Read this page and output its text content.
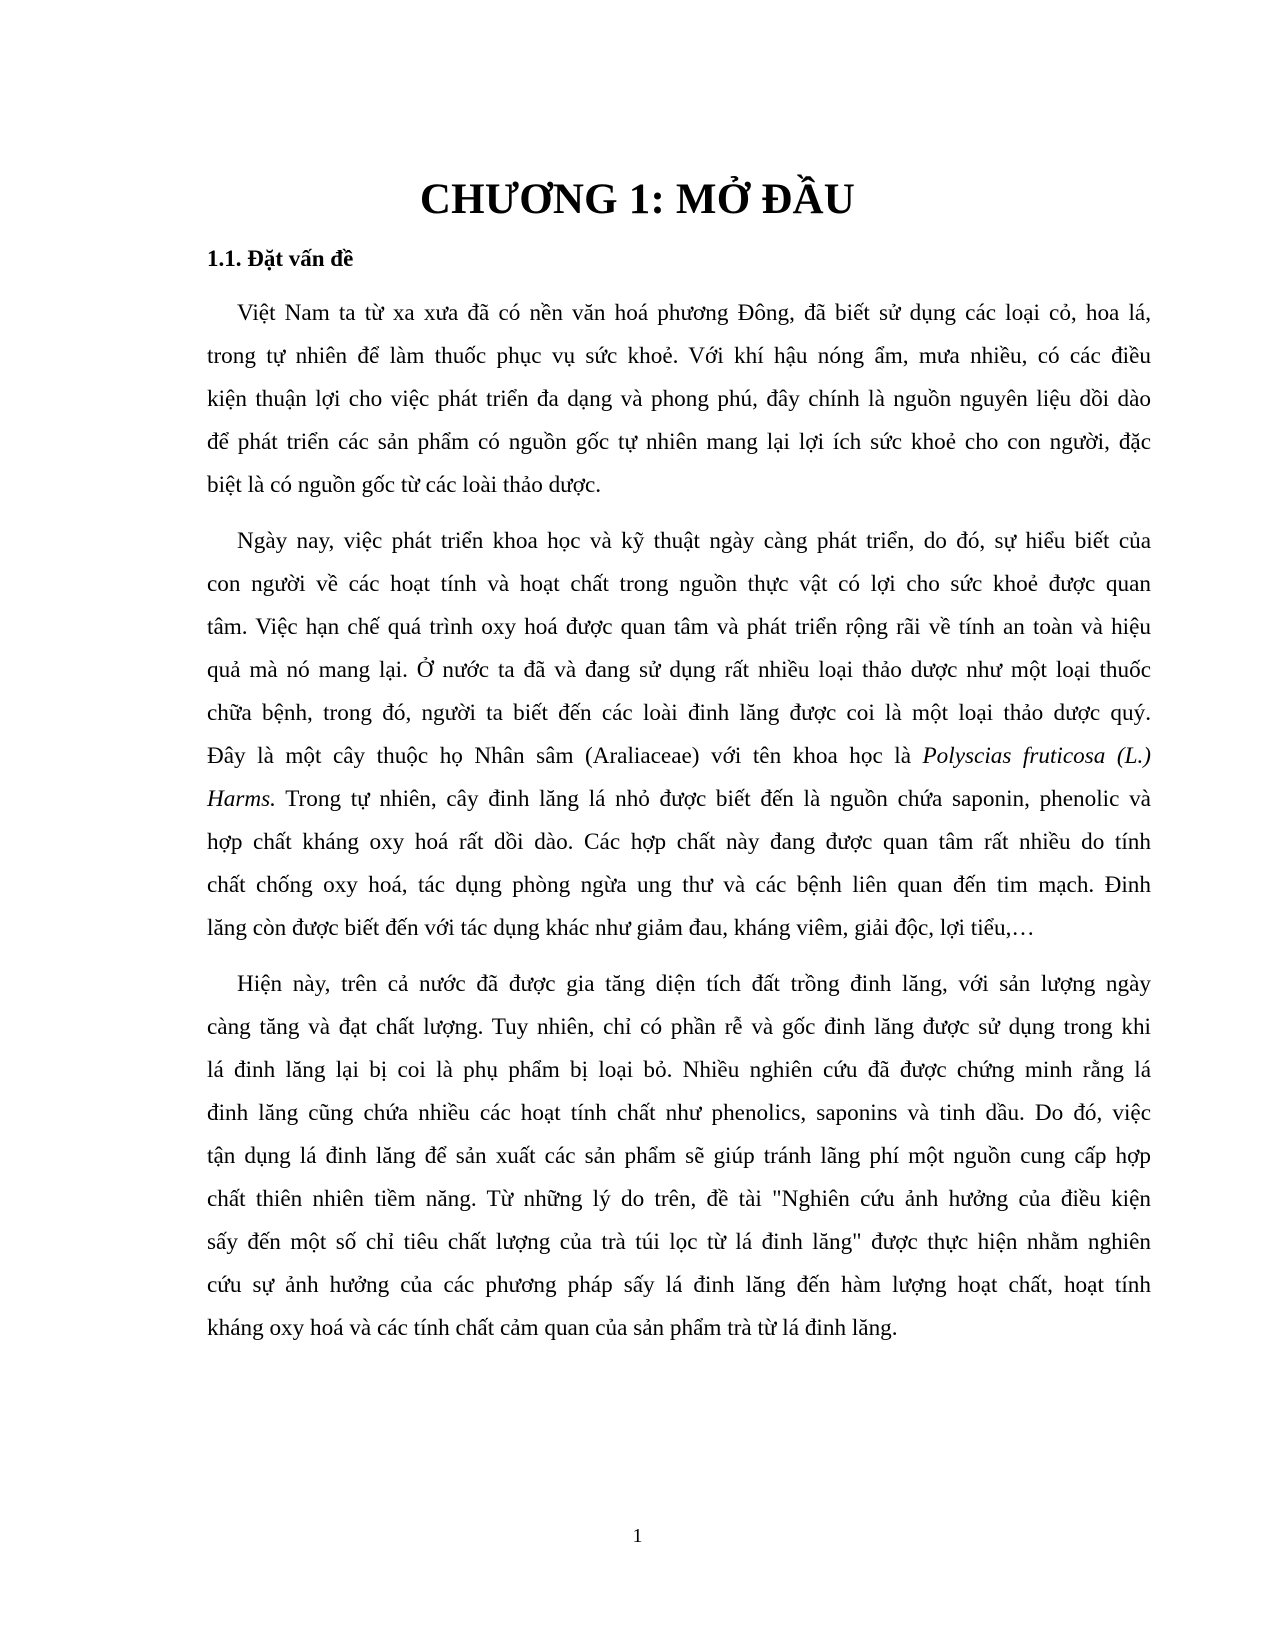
CHƯƠNG 1: MỞ ĐẦU
1.1. Đặt vấn đề
Việt Nam ta từ xa xưa đã có nền văn hoá phương Đông, đã biết sử dụng các loại cỏ, hoa lá,
trong tự nhiên để làm thuốc phục vụ sức khoẻ. Với khí hậu nóng ẩm, mưa nhiều, có các điều
kiện thuận lợi cho việc phát triển đa dạng và phong phú, đây chính là nguồn nguyên liệu dồi dào
để phát triển các sản phẩm có nguồn gốc tự nhiên mang lại lợi ích sức khoẻ cho con người, đặc
biệt là có nguồn gốc từ các loài thảo dược.
Ngày nay, việc phát triển khoa học và kỹ thuật ngày càng phát triển, do đó, sự hiểu biết của
con người về các hoạt tính và hoạt chất trong nguồn thực vật có lợi cho sức khoẻ được quan
tâm. Việc hạn chế quá trình oxy hoá được quan tâm và phát triển rộng rãi về tính an toàn và hiệu
quả mà nó mang lại. Ở nước ta đã và đang sử dụng rất nhiều loại thảo dược như một loại thuốc
chữa bệnh, trong đó, người ta biết đến các loài đinh lăng được coi là một loại thảo dược quý.
Đây là một cây thuộc họ Nhân sâm (Araliaceae) với tên khoa học là Polyscias fruticosa (L.)
Harms. Trong tự nhiên, cây đinh lăng lá nhỏ được biết đến là nguồn chứa saponin, phenolic và
hợp chất kháng oxy hoá rất dồi dào. Các hợp chất này đang được quan tâm rất nhiều do tính
chất chống oxy hoá, tác dụng phòng ngừa ung thư và các bệnh liên quan đến tim mạch. Đinh
lăng còn được biết đến với tác dụng khác như giảm đau, kháng viêm, giải độc, lợi tiểu,…
Hiện này, trên cả nước đã được gia tăng diện tích đất trồng đinh lăng, với sản lượng ngày
càng tăng và đạt chất lượng. Tuy nhiên, chỉ có phần rễ và gốc đinh lăng được sử dụng trong khi
lá đinh lăng lại bị coi là phụ phẩm bị loại bỏ. Nhiều nghiên cứu đã được chứng minh rằng lá
đinh lăng cũng chứa nhiều các hoạt tính chất như phenolics, saponins và tinh dầu. Do đó, việc
tận dụng lá đinh lăng để sản xuất các sản phẩm sẽ giúp tránh lãng phí một nguồn cung cấp hợp
chất thiên nhiên tiềm năng. Từ những lý do trên, đề tài "Nghiên cứu ảnh hưởng của điều kiện
sấy đến một số chỉ tiêu chất lượng của trà túi lọc từ lá đinh lăng" được thực hiện nhằm nghiên
cứu sự ảnh hưởng của các phương pháp sấy lá đinh lăng đến hàm lượng hoạt chất, hoạt tính
kháng oxy hoá và các tính chất cảm quan của sản phẩm trà từ lá đinh lăng.
1
